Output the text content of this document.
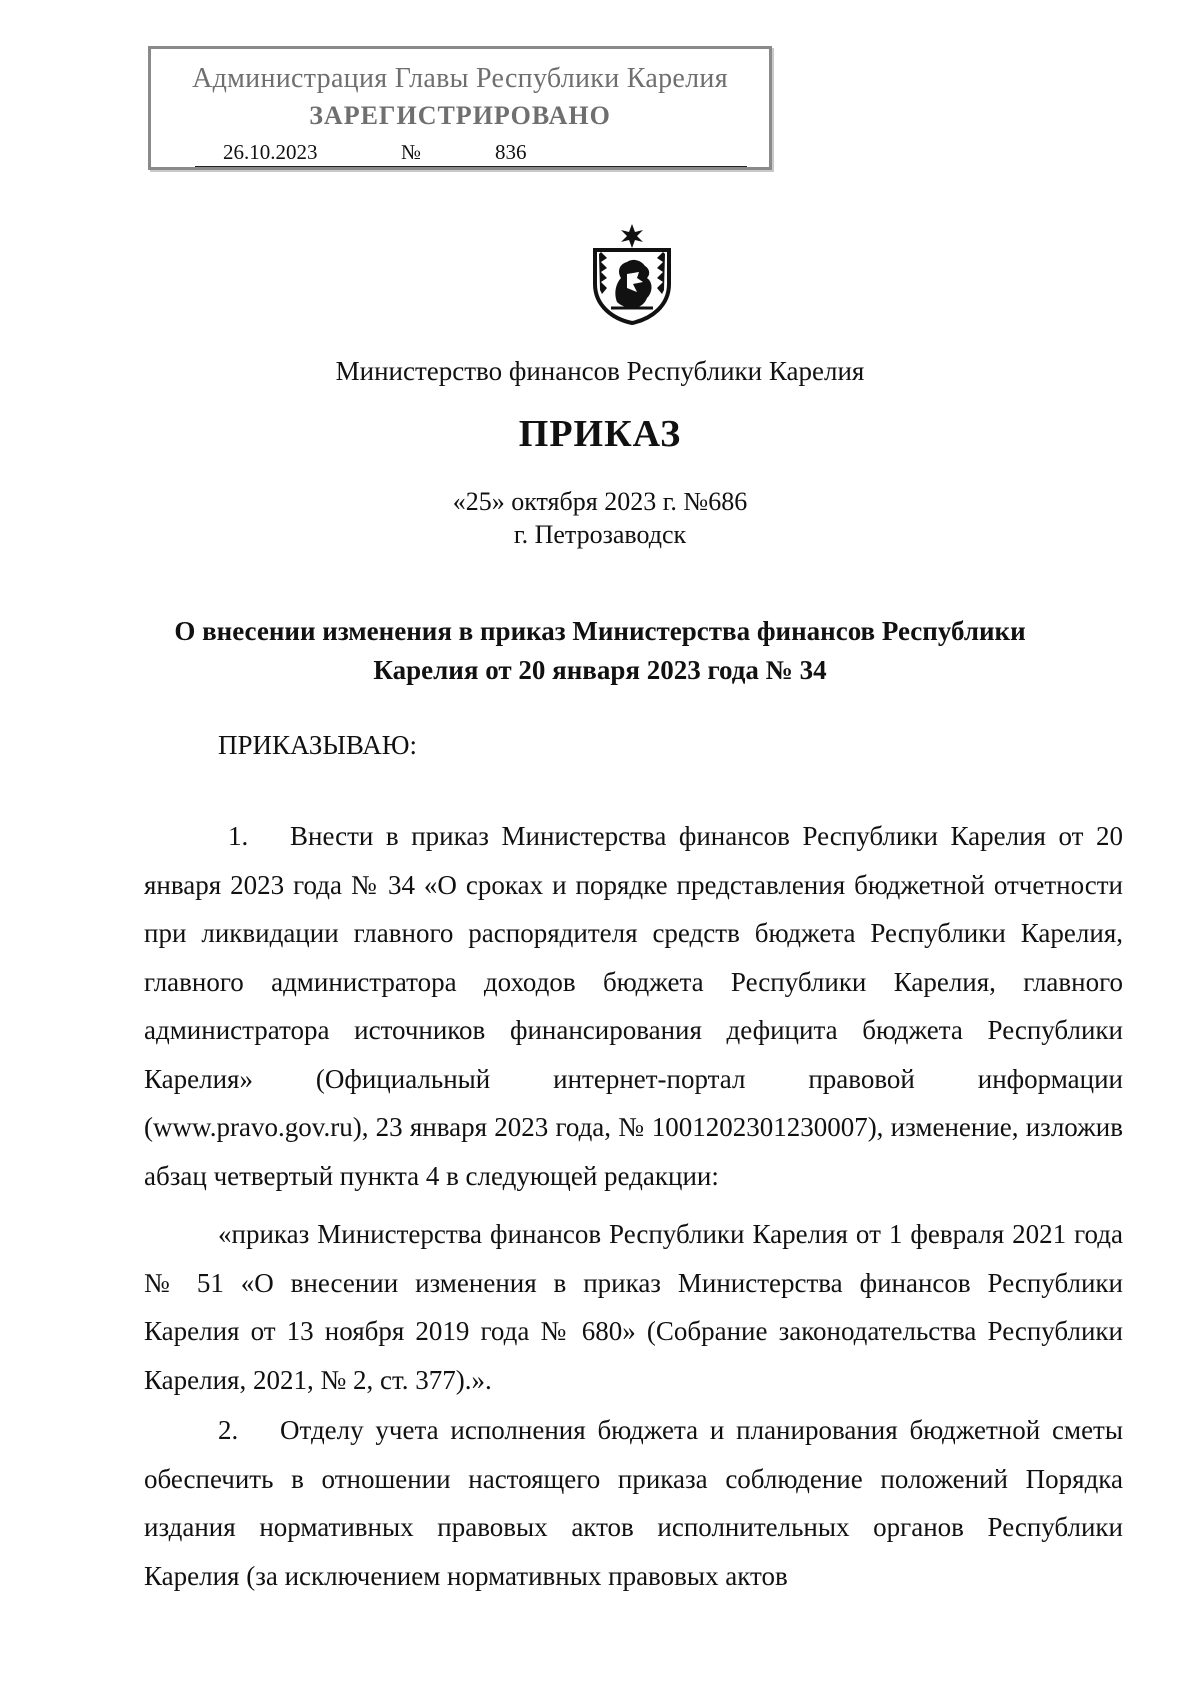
Администрация Главы Республики Карелия
ЗАРЕГИСТРИРОВАНО
26.10.2023	№	836
Министерство финансов Республики Карелия
ПРИКАЗ
«25» октября 2023 г. №686
г. Петрозаводск
О внесении изменения в приказ Министерства финансов Республики
Карелия от 20 января 2023 года № 34
ПРИКАЗЫВАЮ:
1. Внести в приказ Министерства финансов Республики Карелия от 20 января 2023 года № 34 «О сроках и порядке представления бюджетной отчетности при ликвидации главного распорядителя средств бюджета Республики Карелия, главного администратора доходов бюджета Республики Карелия, главного администратора источников финансирования дефицита бюджета Республики Карелия» (Официальный интернет-портал правовой информации (www.pravo.gov.ru), 23 января 2023 года, № 1001202301230007), изменение, изложив абзац четвертый пункта 4 в следующей редакции:
«приказ Министерства финансов Республики Карелия от 1 февраля 2021 года № 51 «О внесении изменения в приказ Министерства финансов Республики Карелия от 13 ноября 2019 года № 680» (Собрание законодательства Республики Карелия, 2021, № 2, ст. 377).».
2. Отделу учета исполнения бюджета и планирования бюджетной сметы обеспечить в отношении настоящего приказа соблюдение положений Порядка издания нормативных правовых актов исполнительных органов Республики Карелия (за исключением нормативных правовых актов
